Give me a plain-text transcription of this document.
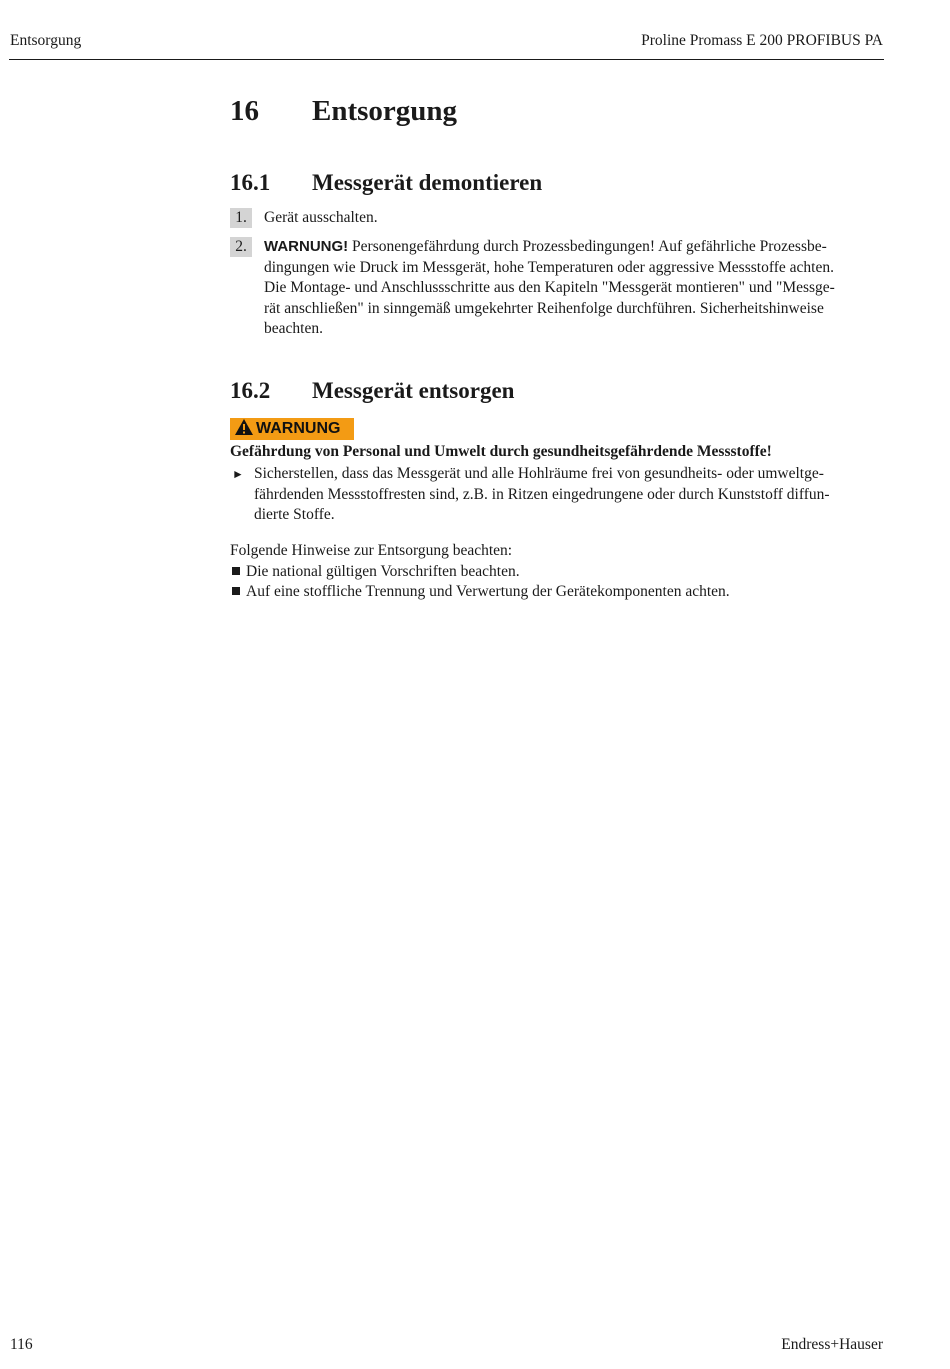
Entsorgung	Proline Promass E 200 PROFIBUS PA
16 Entsorgung
16.1 Messgerät demontieren
1.	Gerät ausschalten.
2.	WARNUNG! Personengefährdung durch Prozessbedingungen! Auf gefährliche Prozessbe-
dingungen wie Druck im Messgerät, hohe Temperaturen oder aggressive Messstoffe achten.
Die Montage- und Anschlussschritte aus den Kapiteln "Messgerät montieren" und "Messge-
rät anschließen" in sinngemäß umgekehrter Reihenfolge durchführen. Sicherheitshinweise
beachten.
16.2 Messgerät entsorgen
WARNUNG
Gefährdung von Personal und Umwelt durch gesundheitsgefährdende Messstoffe!
► Sicherstellen, dass das Messgerät und alle Hohlräume frei von gesundheits- oder umweltge-
fährdenden Messstoffresten sind, z.B. in Ritzen eingedrungene oder durch Kunststoff diffun-
dierte Stoffe.
Folgende Hinweise zur Entsorgung beachten:
Die national gültigen Vorschriften beachten.
Auf eine stoffliche Trennung und Verwertung der Gerätekomponenten achten.
116	Endress+Hauser
